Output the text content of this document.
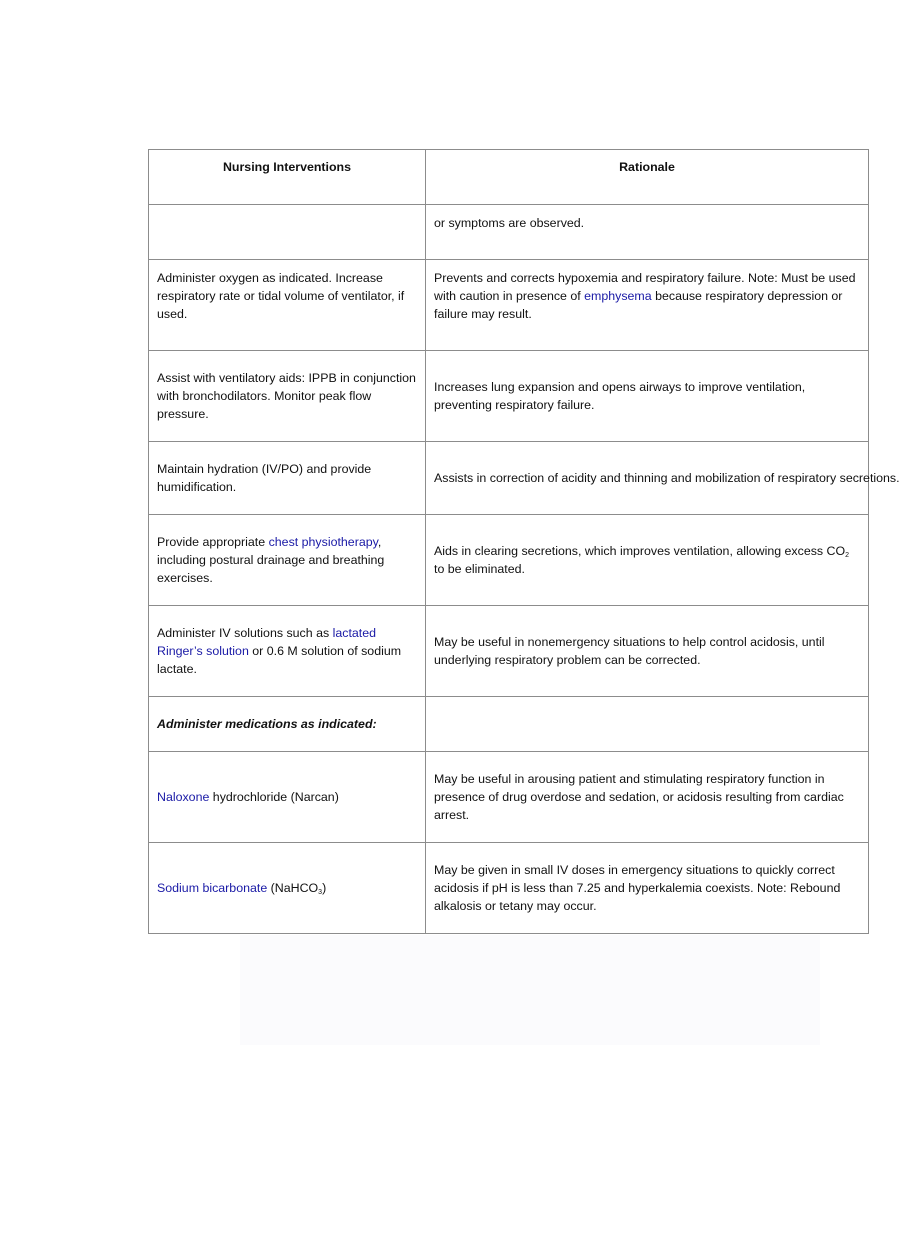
Nursing Interventions	Rationale
	or symptoms are observed.
Administer oxygen as indicated. Increase respiratory rate or tidal volume of ventilator, if used.	Prevents and corrects hypoxemia and respiratory failure. Note: Must be used with caution in presence of emphysema because respiratory depression or failure may result.
Assist with ventilatory aids: IPPB in conjunction with bronchodilators. Monitor peak flow pressure.	Increases lung expansion and opens airways to improve ventilation, preventing respiratory failure.
Maintain hydration (IV/PO) and provide humidification.	Assists in correction of acidity and thinning and mobilization of respiratory secretions.

Provide appropriate chest physiotherapy, including postural drainage and breathing exercises.	Aids in clearing secretions, which improves ventilation, allowing excess $CO_2$ to be eliminated.
Administer IV solutions such as lactated Ringer’s solution or 0.6 M solution of sodium lactate.	May be useful in nonemergency situations to help control acidosis, until underlying respiratory problem can be corrected.
Administer medications as indicated:	
Naloxone hydrochloride (Narcan)	May be useful in arousing patient and stimulating respiratory function in presence of drug overdose and sedation, or acidosis resulting from cardiac arrest.
Sodium bicarbonate (NaHCO$_3$)	May be given in small IV doses in emergency situations to quickly correct acidosis if pH is less than 7.25 and hyperkalemia coexists. Note: Rebound alkalosis or tetany may occur.
